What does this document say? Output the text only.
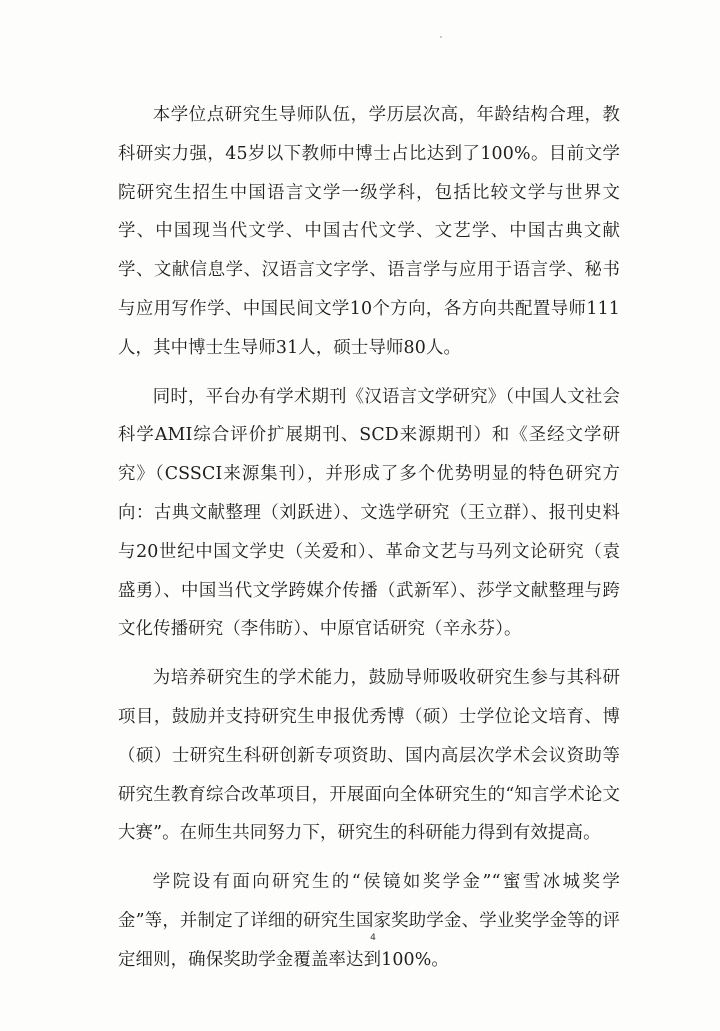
本学位点研究生导师队伍，学历层次高，年龄结构合理，教科研实力强，45岁以下教师中博士占比达到了100%。目前文学院研究生招生中国语言文学一级学科，包括比较文学与世界文学、中国现当代文学、中国古代文学、文艺学、中国古典文献学、文献信息学、汉语言文字学、语言学与应用于语言学、秘书与应用写作学、中国民间文学10个方向，各方向共配置导师111人，其中博士生导师31人，硕士导师80人。

同时，平台办有学术期刊《汉语言文学研究》（中国人文社会科学AMI综合评价扩展期刊、SCD来源期刊）和《圣经文学研究》（CSSCI来源集刊），并形成了多个优势明显的特色研究方向：古典文献整理（刘跃进）、文选学研究（王立群）、报刊史料与20世纪中国文学史（关爱和）、革命文艺与马列文论研究（袁盛勇）、中国当代文学跨媒介传播（武新军）、莎学文献整理与跨文化传播研究（李伟昉）、中原官话研究（辛永芬）。

为培养研究生的学术能力，鼓励导师吸收研究生参与其科研项目，鼓励并支持研究生申报优秀博（硕）士学位论文培育、博（硕）士研究生科研创新专项资助、国内高层次学术会议资助等研究生教育综合改革项目，开展面向全体研究生的“知言学术论文大赛”。在师生共同努力下，研究生的科研能力得到有效提高。

学院设有面向研究生的“侯镜如奖学金”“蜜雪冰城奖学金”等，并制定了详细的研究生国家奖助学金、学业奖学金等的评定细则，确保奖助学金覆盖率达到100%。

4
